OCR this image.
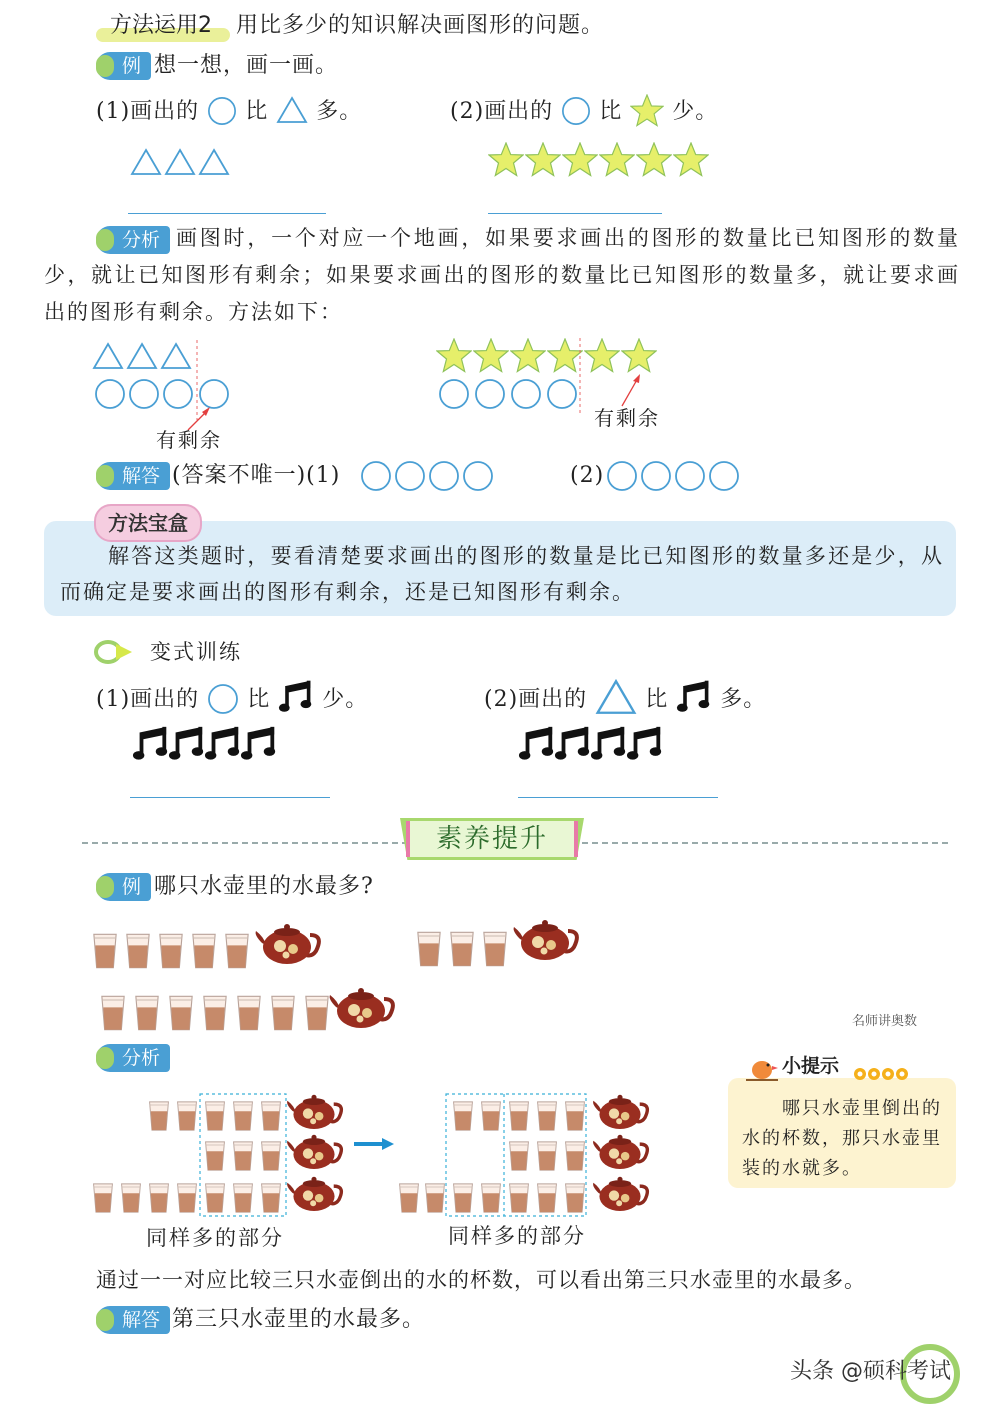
方法运用2 用比多少的知识解决画图形的问题。
例 想一想，画一画。
(1)画出的 比 多。	(2)画出的 比 少。
分析 画图时，一个对应一个地画，如果要求画出的图形的数量比已知图形的数量少，就让已知图形有剩余；如果要求画出的图形的数量比已知图形的数量多，就让要求画出的图形有剩余。方法如下：
有剩余
有剩余
解答 (答案不唯一)(1)	(2)
方法宝盒
解答这类题时，要看清楚要求画出的图形的数量是比已知图形的数量多还是少，从而确定是要求画出的图形有剩余，还是已知图形有剩余。
变式训练
(1)画出的 比 少。	(2)画出的	比 多。
素养提升
例 哪只水壶里的水最多?
名师讲奥数
分析
同样多的部分	同样多的部分
小提示
哪只水壶里倒出的水的杯数，那只水壶里装的水就多。
通过一一对应比较三只水壶倒出的水的杯数，可以看出第三只水壶里的水最多。
解答 第三只水壶里的水最多。
头条 @硕科考试
